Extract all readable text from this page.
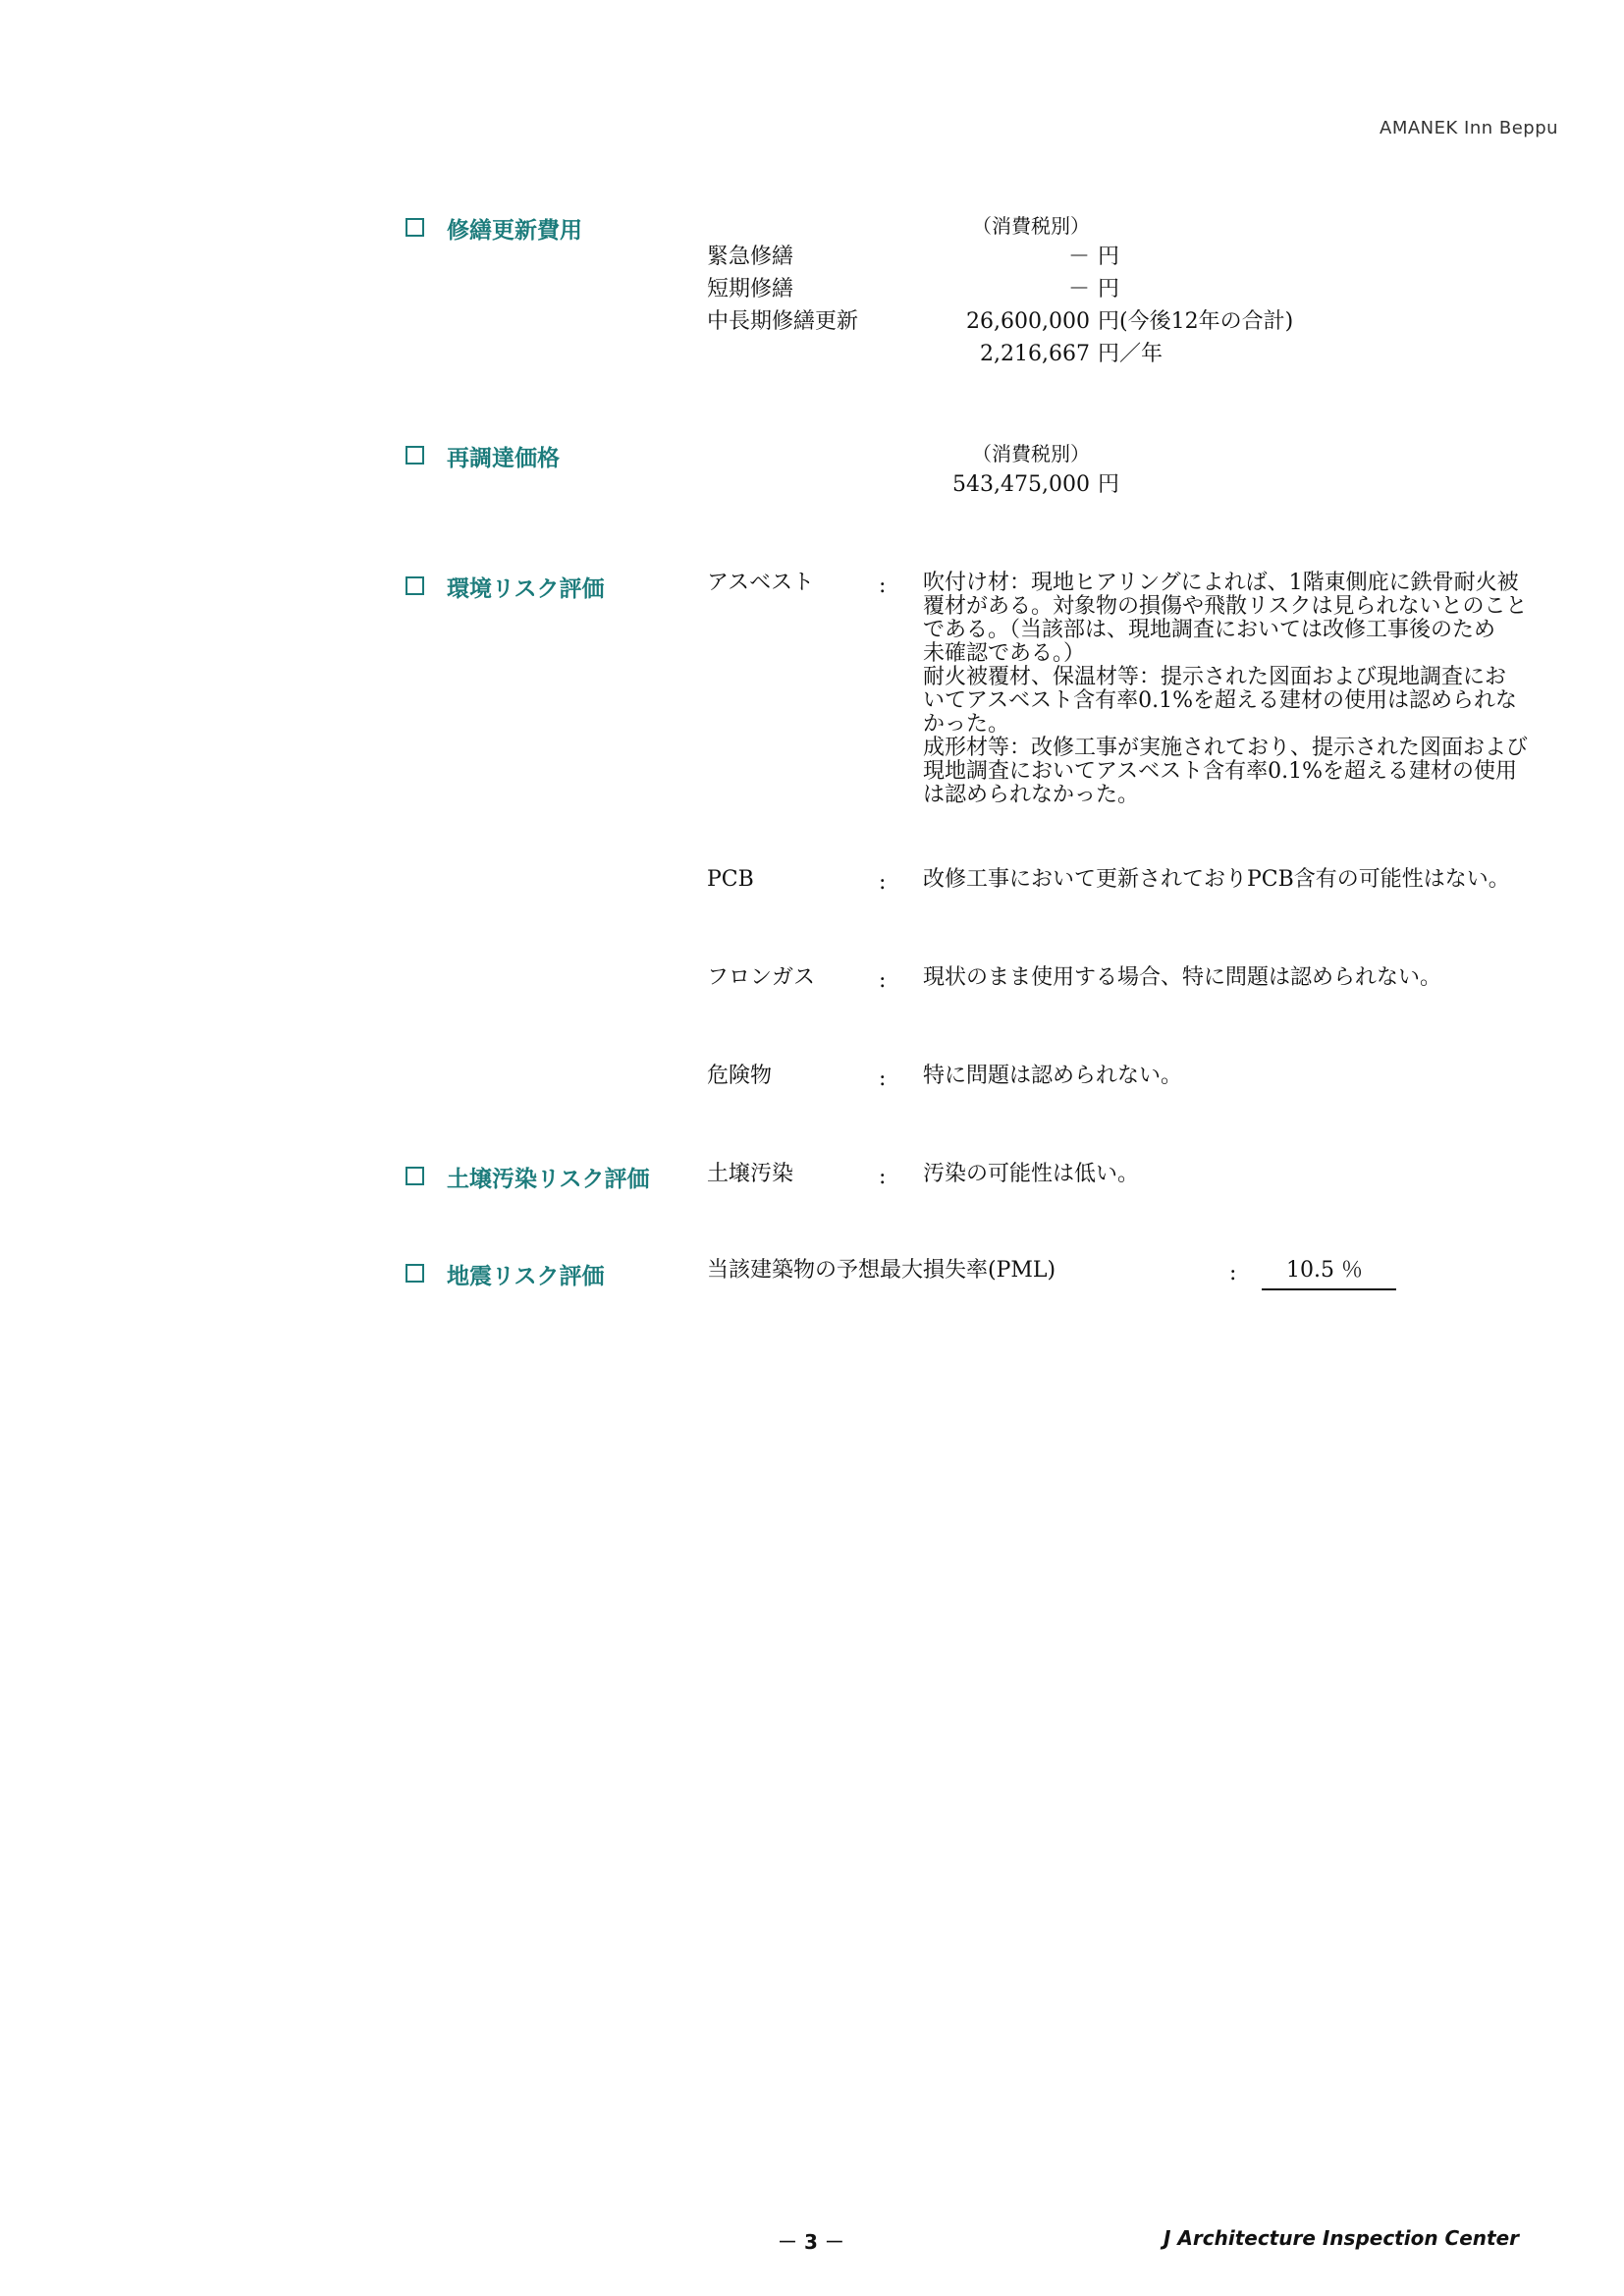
AMANEK Inn Beppu
修繕更新費用	（消費税別）
緊急修繕	－ 円
短期修繕	－ 円
中長期修繕更新	26,600,000 円(今後12年の合計)
2,216,667 円／年
再調達価格	（消費税別）
543,475,000 円
環境リスク評価	アスベスト	: 吹付け材：現地ヒアリングによれば、1階東側庇に鉄骨耐火被
覆材がある。対象物の損傷や飛散リスクは見られないとのこと
である。（当該部は、現地調査においては改修工事後のため
未確認である。）
耐火被覆材、保温材等：提示された図面および現地調査にお
いてアスベスト含有率0.1%を超える建材の使用は認められな
かった。
成形材等：改修工事が実施されており、提示された図面および
現地調査においてアスベスト含有率0.1%を超える建材の使用
は認められなかった。
PCB	: 改修工事において更新されておりPCB含有の可能性はない。
フロンガス	: 現状のまま使用する場合、特に問題は認められない。
危険物	: 特に問題は認められない。
土壌汚染リスク評価	土壌汚染	: 汚染の可能性は低い。
地震リスク評価	当該建築物の予想最大損失率(PML)	: 10.5 ％
－ 3 －	J Architecture Inspection Center
